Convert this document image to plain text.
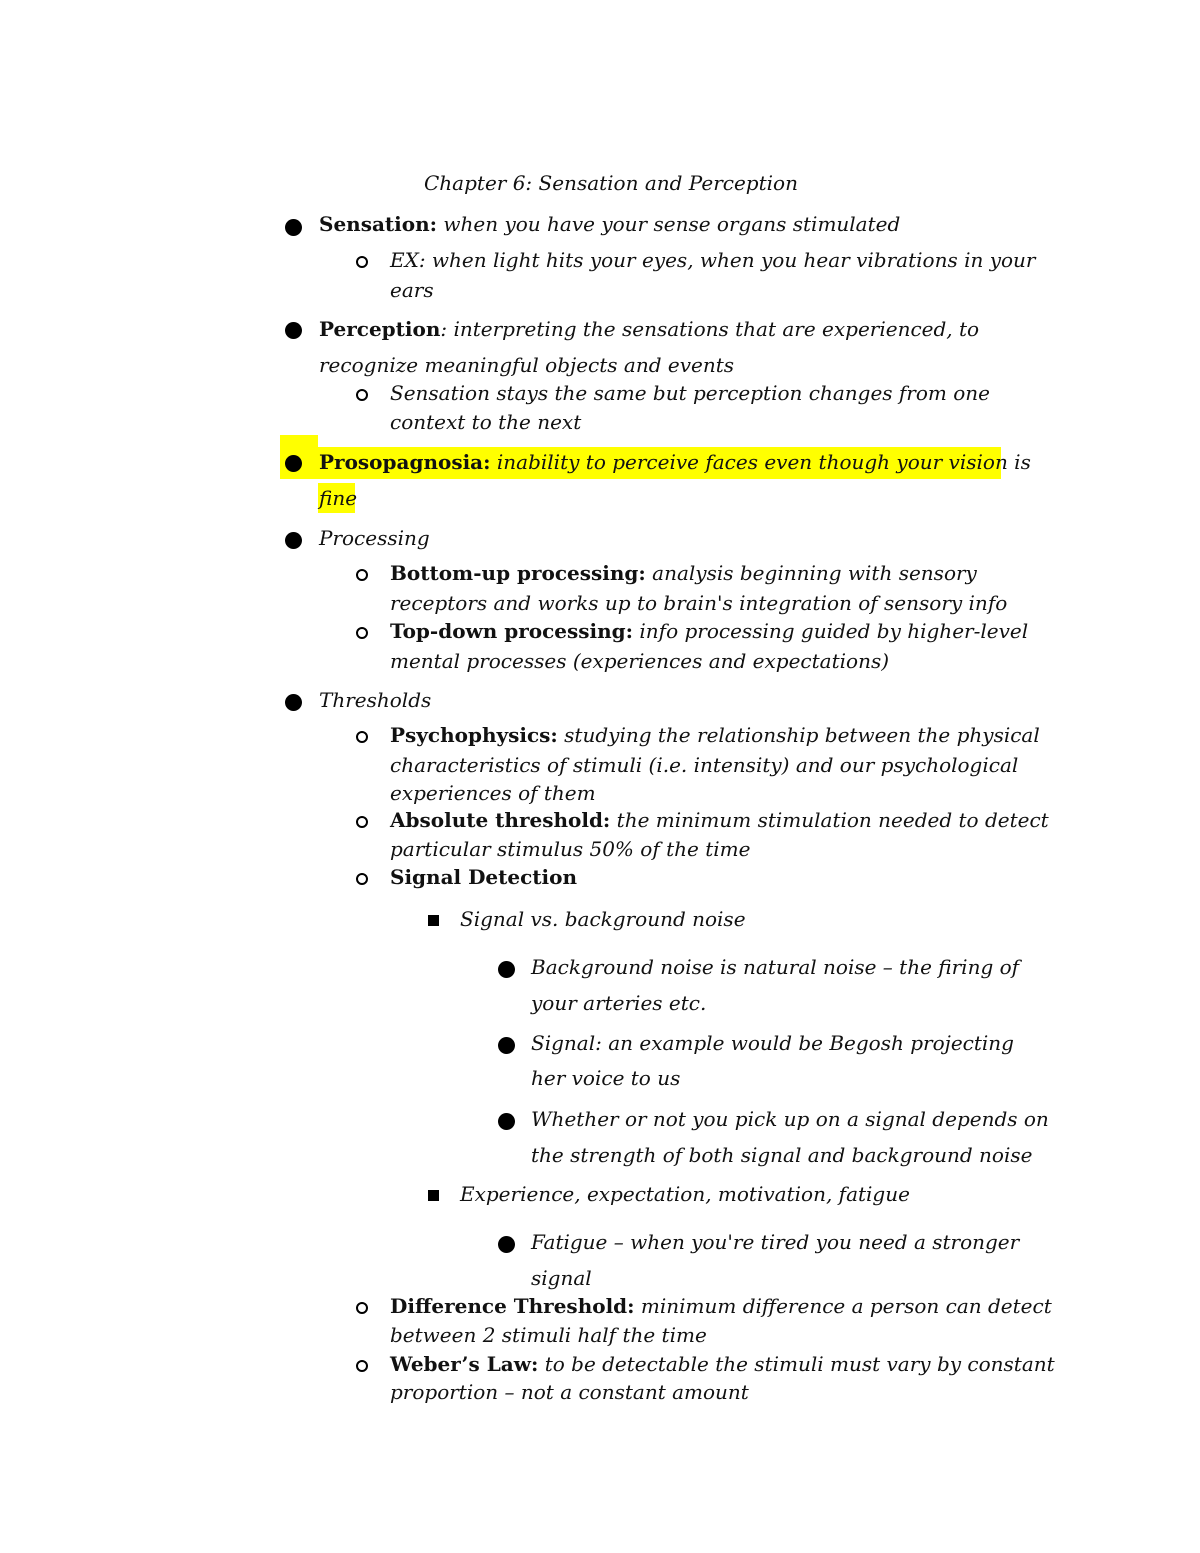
Chapter 6: Sensation and Perception
Sensation: when you have your sense organs stimulated
EX: when light hits your eyes, when you hear vibrations in your
ears
Perception: interpreting the sensations that are experienced, to
recognize meaningful objects and events
Sensation stays the same but perception changes from one
context to the next
Prosopagnosia: inability to perceive faces even though your vision is
fine
Processing
Bottom-up processing: analysis beginning with sensory
receptors and works up to brain's integration of sensory info
Top-down processing: info processing guided by higher-level
mental processes (experiences and expectations)
Thresholds
Psychophysics: studying the relationship between the physical
characteristics of stimuli (i.e. intensity) and our psychological
experiences of them
Absolute threshold: the minimum stimulation needed to detect
particular stimulus 50% of the time
Signal Detection
Signal vs. background noise
Background noise is natural noise – the firing of
your arteries etc.
Signal: an example would be Begosh projecting
her voice to us
Whether or not you pick up on a signal depends on
the strength of both signal and background noise
Experience, expectation, motivation, fatigue
Fatigue – when you're tired you need a stronger
signal
Difference Threshold: minimum difference a person can detect
between 2 stimuli half the time
Weber’s Law: to be detectable the stimuli must vary by constant
proportion – not a constant amount
